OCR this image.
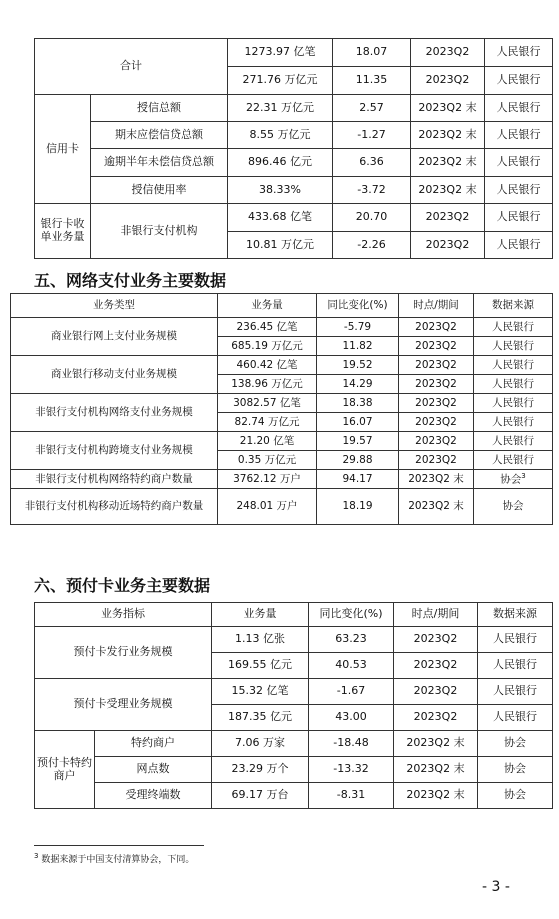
合计		1273.97 亿笔	18.07	2023Q2	人民银行
		271.76 万亿元	11.35	2023Q2	人民银行
信用卡	授信总额	22.31 万亿元	2.57	2023Q2 末	人民银行
	期末应偿信贷总额	8.55 万亿元	-1.27	2023Q2 末	人民银行
	逾期半年未偿信贷总额	896.46 亿元	6.36	2023Q2 末	人民银行
	授信使用率	38.33%	-3.72	2023Q2 末	人民银行
银行卡收单业务量	非银行支付机构	433.68 亿笔	20.70	2023Q2	人民银行
		10.81 万亿元	-2.26	2023Q2	人民银行
五、网络支付业务主要数据
业务类型	业务量	同比变化(%)	时点/期间	数据来源
商业银行网上支付业务规模	236.45 亿笔	-5.79	2023Q2	人民银行
	685.19 万亿元	11.82	2023Q2	人民银行
商业银行移动支付业务规模	460.42 亿笔	19.52	2023Q2	人民银行
	138.96 万亿元	14.29	2023Q2	人民银行
非银行支付机构网络支付业务规模	3082.57 亿笔	18.38	2023Q2	人民银行
	82.74 万亿元	16.07	2023Q2	人民银行
非银行支付机构跨境支付业务规模	21.20 亿笔	19.57	2023Q2	人民银行
	0.35 万亿元	29.88	2023Q2	人民银行
非银行支付机构网络特约商户数量	3762.12 万户	94.17	2023Q2 末	协会$^3$
非银行支付机构移动近场特约商户数量	248.01 万户	18.19	2023Q2 末	协会
六、预付卡业务主要数据
业务指标		业务量	同比变化(%)	时点/期间	数据来源
预付卡发行业务规模		1.13 亿张	63.23	2023Q2	人民银行
		169.55 亿元	40.53	2023Q2	人民银行
预付卡受理业务规模		15.32 亿笔	-1.67	2023Q2	人民银行
		187.35 亿元	43.00	2023Q2	人民银行
预付卡特约商户	特约商户	7.06 万家	-18.48	2023Q2 末	协会
	网点数	23.29 万个	-13.32	2023Q2 末	协会
	受理终端数	69.17 万台	-8.31	2023Q2 末	协会
$^3$ 数据来源于中国支付清算协会，下同。
- 3 -
